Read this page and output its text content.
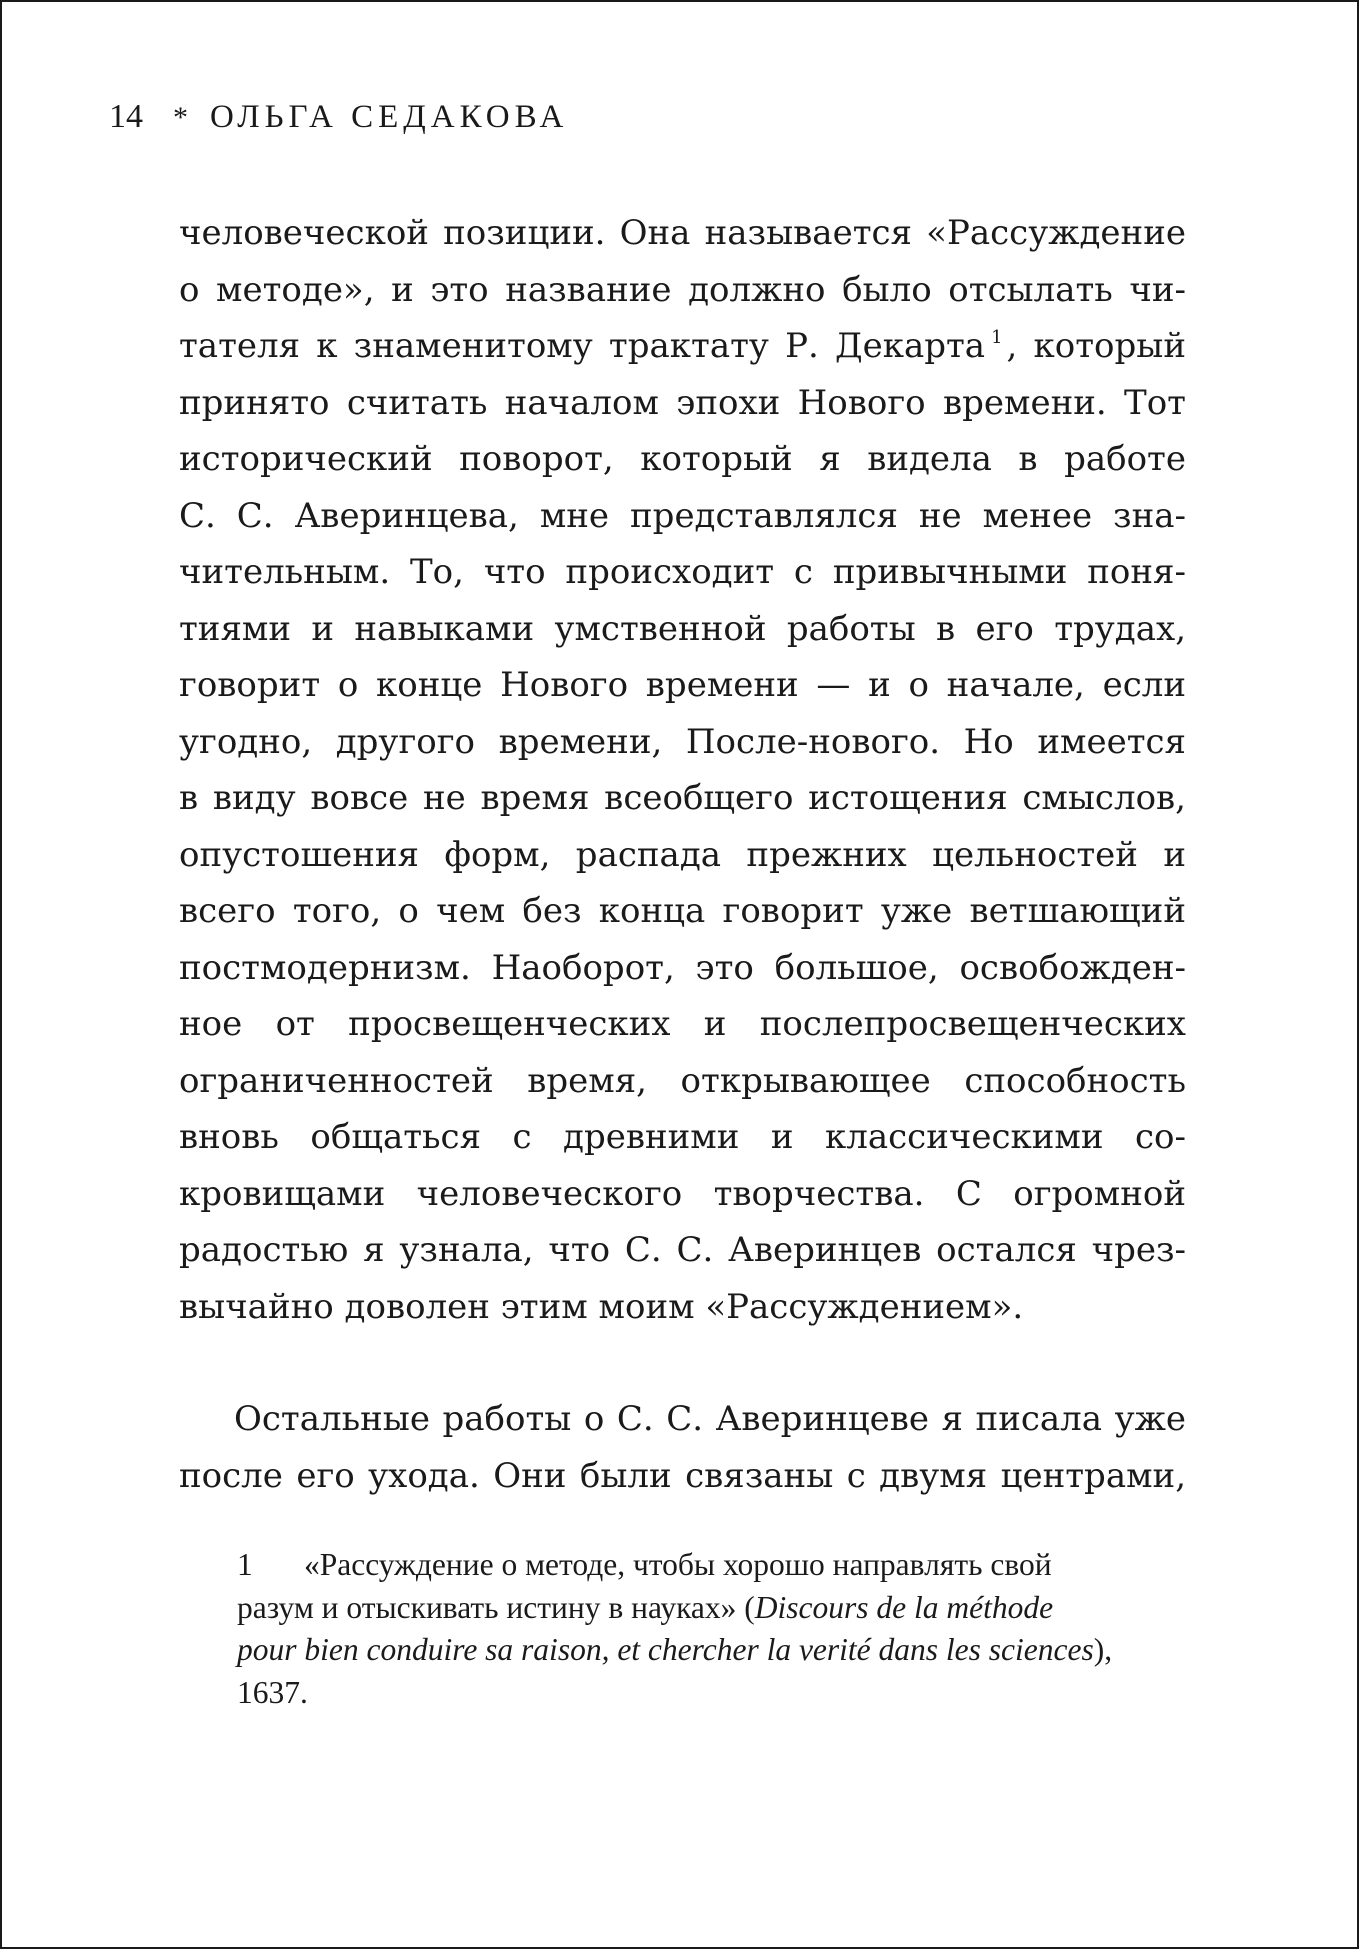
14 * ОЛЬГА СЕДАКОВА
человеческой позиции. Она называется «Рассуждение
о методе», и это название должно было отсылать чи-
тателя к знаменитому трактату Р. Декарта $^1$ , который
принято считать началом эпохи Нового времени. Тот
исторический поворот, который я видела в работе
С. С. Аверинцева, мне представлялся не менее зна-
чительным. То, что происходит с привычными поня-
тиями и навыками умственной работы в его трудах,
говорит о конце Нового времени — и о начале, если
угодно, другого времени, После-нового. Но имеется
в виду вовсе не время всеобщего истощения смыслов,
опустошения форм, распада прежних цельностей и
всего того, о чем без конца говорит уже ветшающий
постмодернизм. Наоборот, это большое, освобожден-
ное от просвещенческих и послепросвещенческих
ограниченностей время, открывающее способность
вновь общаться с древними и классическими со-
кровищами человеческого творчества. С огромной
радостью я узнала, что С. С. Аверинцев остался чрез-
вычайно доволен этим моим «Рассуждением».
Остальные работы о С. С. Аверинцеве я писала уже
после его ухода. Они были связаны с двумя центрами,
1 «Рассуждение о методе, чтобы хорошо направлять свой
разум и отыскивать истину в науках» (Discours de la méthode
pour bien conduire sa raison, et chercher la verité dans les sciences),
1637.
